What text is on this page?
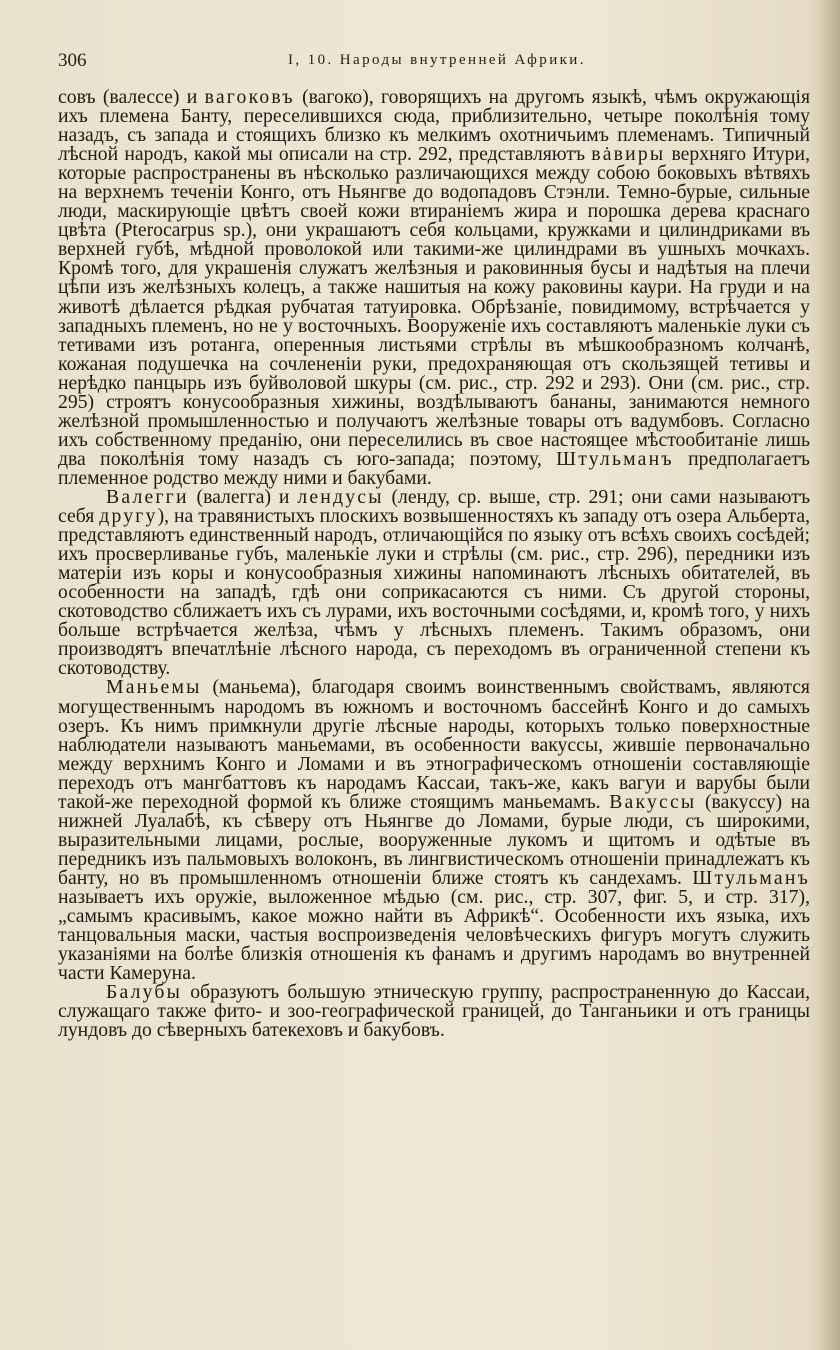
306	I, 10. Народы внутренней Африки.

совъ (валессе) и вагоковъ (вагоко), говорящихъ на другомъ языкѣ, чѣмъ окружающія ихъ племена Банту, переселившихся сюда, приблизительно, четыре поколѣнія тому назадъ, съ запада и стоящихъ близко къ мелкимъ охотничьимъ племенамъ. Типичный лѣсной народъ, какой мы описали на стр. 292, представляютъ вȧвиры верхняго Итури, которые распространены въ нѣсколько различающихся между собою боковыхъ вѣтвяхъ на верхнемъ теченіи Конго, отъ Ньянгве до водопадовъ Стэнли. Темно-бурые, сильные люди, маскирующіе цвѣтъ своей кожи втираніемъ жира и порошка дерева краснаго цвѣта (Pterocarpus sp.), они украшаютъ себя кольцами, кружками и цилиндриками въ верхней губѣ, мѣдной проволокой или такими-же цилиндрами въ ушныхъ мочкахъ. Кромѣ того, для украшенія служатъ желѣзныя и раковинныя бусы и надѣтыя на плечи цѣпи изъ желѣзныхъ колецъ, а также нашитыя на кожу раковины каури. На груди и на животѣ дѣлается рѣдкая рубчатая татуировка. Обрѣзаніе, повидимому, встрѣчается у западныхъ племенъ, но не у восточныхъ. Вооруженіе ихъ составляютъ маленькіе луки съ тетивами изъ ротанга, оперенныя листьями стрѣлы въ мѣшкообразномъ колчанѣ, кожаная подушечка на сочлененіи руки, предохраняющая отъ скользящей тетивы и нерѣдко панцырь изъ буйволовой шкуры (см. рис., стр. 292 и 293). Они (см. рис., стр. 295) строятъ конусообразныя хижины, воздѣлываютъ бананы, занимаются немного желѣзной промышленностью и получаютъ желѣзные товары отъ вадумбовъ. Согласно ихъ собственному преданію, они переселились въ свое настоящее мѣстообитаніе лишь два поколѣнія тому назадъ съ юго-запада; поэтому, Штульманъ предполагаетъ племенное родство между ними и бакубами.

Валегги (валегга) и лендусы (ленду, ср. выше, стр. 291; они сами называютъ себя другу), на травянистыхъ плоскихъ возвышенностяхъ къ западу отъ озера Альберта, представляютъ единственный народъ, отличающійся по языку отъ всѣхъ своихъ сосѣдей; ихъ просверливанье губъ, маленькіе луки и стрѣлы (см. рис., стр. 296), передники изъ матеріи изъ коры и конусообразныя хижины напоминаютъ лѣсныхъ обитателей, въ особенности на западѣ, гдѣ они соприкасаются съ ними. Съ другой стороны, скотоводство сближаетъ ихъ съ лурами, ихъ восточными сосѣдями, и, кромѣ того, у нихъ больше встрѣчается желѣза, чѣмъ у лѣсныхъ племенъ. Такимъ образомъ, они производятъ впечатлѣніе лѣсного народа, съ переходомъ въ ограниченной степени къ скотоводству.

Маньемы (маньема), благодаря своимъ воинственнымъ свойствамъ, являются могущественнымъ народомъ въ южномъ и восточномъ бассейнѣ Конго и до самыхъ озеръ. Къ нимъ примкнули другіе лѣсные народы, которыхъ только поверхностные наблюдатели называютъ маньемами, въ особенности вакуссы, жившіе первоначально между верхнимъ Конго и Ломами и въ этнографическомъ отношеніи составляющіе переходъ отъ мангбаттовъ къ народамъ Кассаи, такъ-же, какъ вагуи и варубы были такой-же переходной формой къ ближе стоящимъ маньемамъ. Вакуссы (вакуссу) на нижней Луалабѣ, къ сѣверу отъ Ньянгве до Ломами, бурые люди, съ широкими, выразительными лицами, рослые, вооруженные лукомъ и щитомъ и одѣтые въ передникъ изъ пальмовыхъ волоконъ, въ лингвистическомъ отношеніи принадлежатъ къ банту, но въ промышленномъ отношеніи ближе стоятъ къ сандехамъ. Штульманъ называетъ ихъ оружіе, выложенное мѣдью (см. рис., стр. 307, фиг. 5, и стр. 317), „самымъ красивымъ, какое можно найти въ Африкѣ“. Особенности ихъ языка, ихъ танцовальныя маски, частыя воспроизведенія человѣческихъ фигуръ могутъ служить указаніями на болѣе близкія отношенія къ фанамъ и другимъ народамъ во внутренней части Камеруна.

Балубы образуютъ большую этническую группу, распространенную до Кассаи, служащаго также фито- и зоо-географической границей, до Танганьики и отъ границы лундовъ до сѣверныхъ батекеховъ и бакубовъ.
